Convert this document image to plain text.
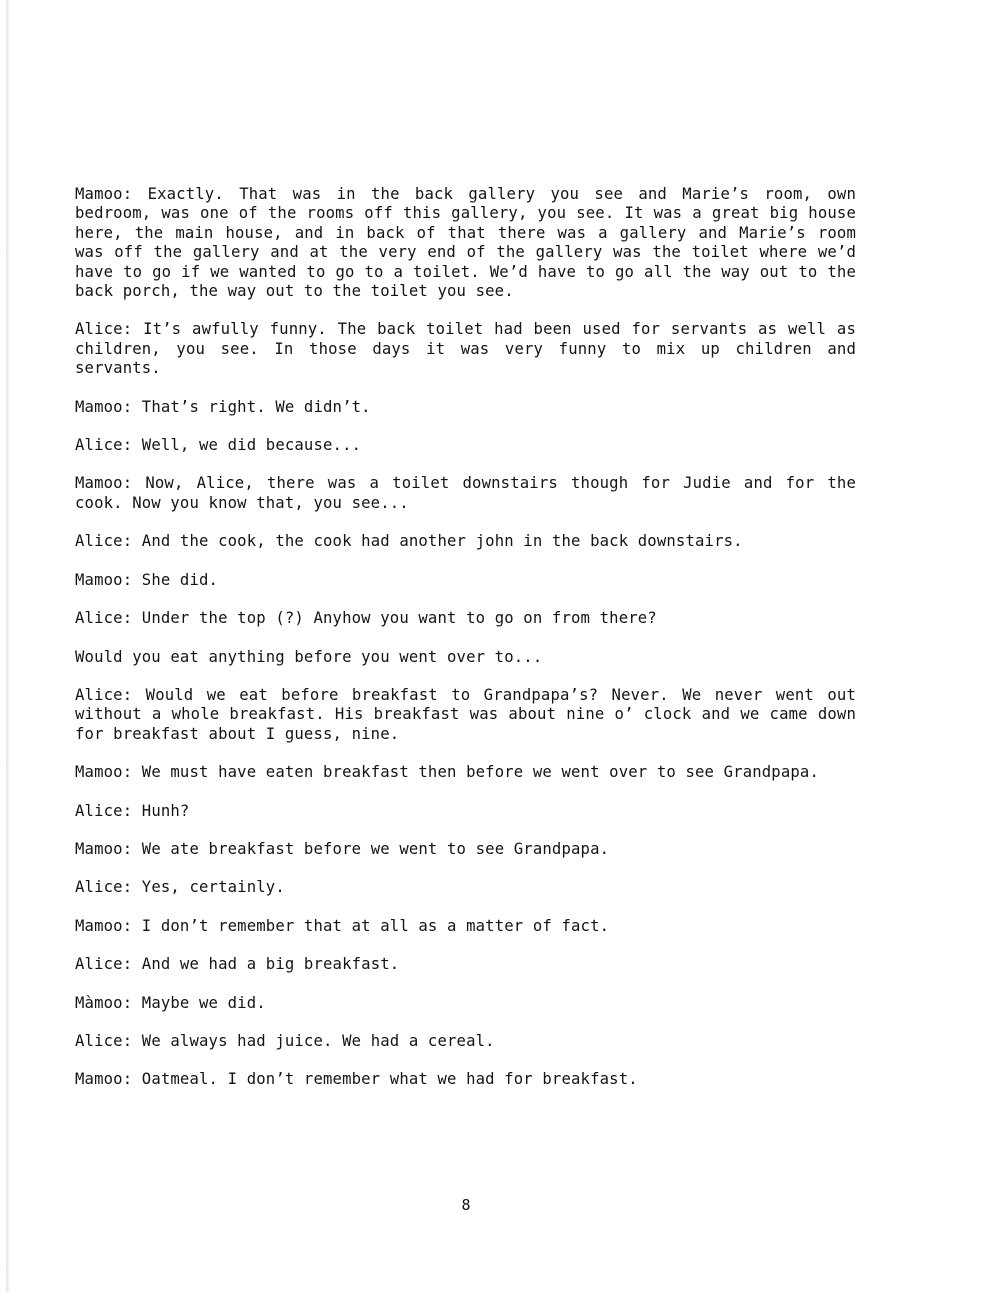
Mamoo: Exactly. That was in the back gallery you see and Marie’s room, own bedroom, was one of the rooms off this gallery, you see. It was a great big house here, the main house, and in back of that there was a gallery and Marie’s room was off the gallery and at the very end of the gallery was the toilet where we’d have to go if we wanted to go to a toilet. We’d have to go all the way out to the back porch, the way out to the toilet you see.

Alice: It’s awfully funny. The back toilet had been used for servants as well as children, you see. In those days it was very funny to mix up children and servants.

Mamoo: That’s right. We didn’t.

Alice: Well, we did because...

Mamoo: Now, Alice, there was a toilet downstairs though for Judie and for the cook. Now you know that, you see...

Alice: And the cook, the cook had another john in the back downstairs.

Mamoo: She did.

Alice: Under the top (?) Anyhow you want to go on from there?

Would you eat anything before you went over to...

Alice: Would we eat before breakfast to Grandpapa’s? Never. We never went out without a whole breakfast. His breakfast was about nine o’ clock and we came down for breakfast about I guess, nine.

Mamoo: We must have eaten breakfast then before we went over to see Grandpapa.

Alice: Hunh?

Mamoo: We ate breakfast before we went to see Grandpapa.

Alice: Yes, certainly.

Mamoo: I don’t remember that at all as a matter of fact.

Alice: And we had a big breakfast.

Màmoo: Maybe we did.

Alice: We always had juice. We had a cereal.

Mamoo: Oatmeal. I don’t remember what we had for breakfast.

8
